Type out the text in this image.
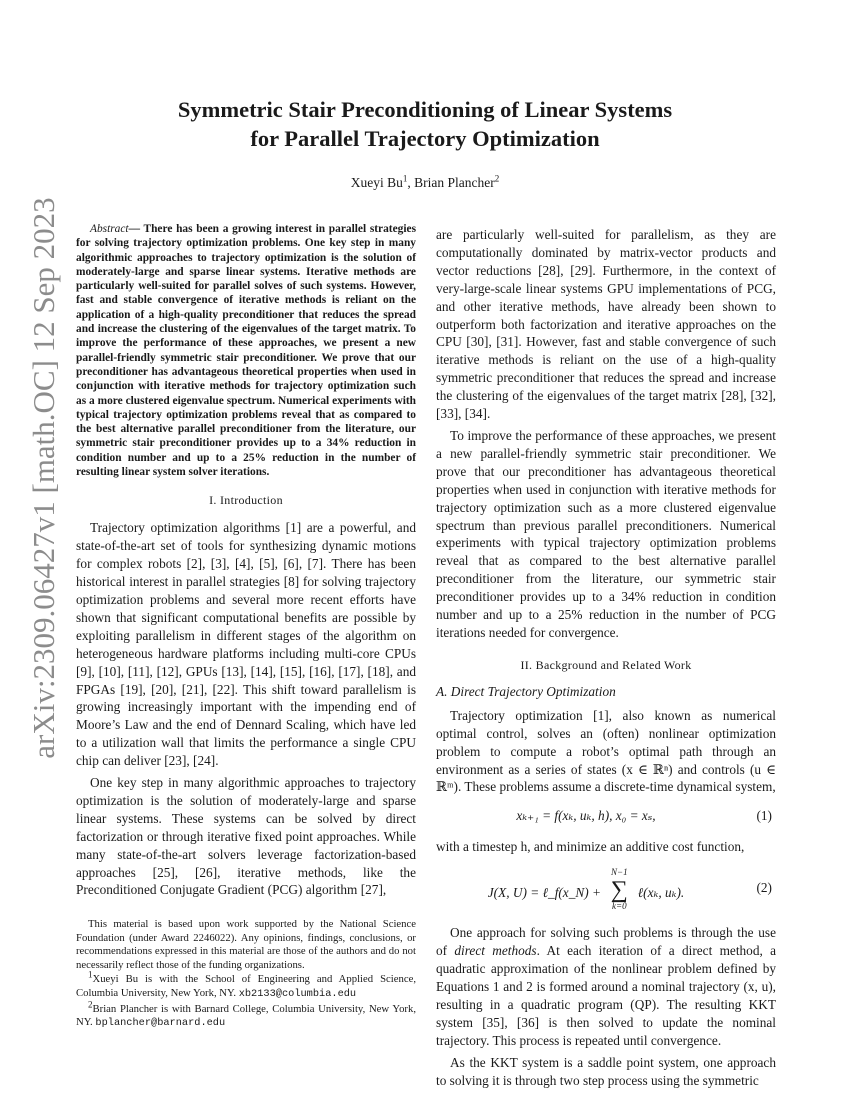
arXiv:2309.06427v1 [math.OC] 12 Sep 2023
Symmetric Stair Preconditioning of Linear Systems
for Parallel Trajectory Optimization
Xueyi Bu$^1$, Brian Plancher$^2$

Abstract— There has been a growing interest in parallel strategies for solving trajectory optimization problems. One key step in many algorithmic approaches to trajectory optimization is the solution of moderately-large and sparse linear systems. Iterative methods are particularly well-suited for parallel solves of such systems. However, fast and stable convergence of iterative methods is reliant on the application of a high-quality preconditioner that reduces the spread and increase the clustering of the eigenvalues of the target matrix. To improve the performance of these approaches, we present a new parallel-friendly symmetric stair preconditioner. We prove that our preconditioner has advantageous theoretical properties when used in conjunction with iterative methods for trajectory optimization such as a more clustered eigenvalue spectrum. Numerical experiments with typical trajectory optimization problems reveal that as compared to the best alternative parallel preconditioner from the literature, our symmetric stair preconditioner provides up to a 34% reduction in condition number and up to a 25% reduction in the number of resulting linear system solver iterations.

I. Introduction

Trajectory optimization algorithms [1] are a powerful, and state-of-the-art set of tools for synthesizing dynamic motions for complex robots [2], [3], [4], [5], [6], [7]. There has been historical interest in parallel strategies [8] for solving trajectory optimization problems and several more recent efforts have shown that significant computational benefits are possible by exploiting parallelism in different stages of the algorithm on heterogeneous hardware platforms including multi-core CPUs [9], [10], [11], [12], GPUs [13], [14], [15], [16], [17], [18], and FPGAs [19], [20], [21], [22]. This shift toward parallelism is growing increasingly important with the impending end of Moore’s Law and the end of Dennard Scaling, which have led to a utilization wall that limits the performance a single CPU chip can deliver [23], [24].

One key step in many algorithmic approaches to trajectory optimization is the solution of moderately-large and sparse linear systems. These systems can be solved by direct factorization or through iterative fixed point approaches. While many state-of-the-art solvers leverage factorization-based approaches [25], [26], iterative methods, like the Preconditioned Conjugate Gradient (PCG) algorithm [27],

This material is based upon work supported by the National Science Foundation (under Award 2246022). Any opinions, findings, conclusions, or recommendations expressed in this material are those of the authors and do not necessarily reflect those of the funding organizations.

$^1$Xueyi Bu is with the School of Engineering and Applied Science, Columbia University, New York, NY. xb2133@columbia.edu

$^2$Brian Plancher is with Barnard College, Columbia University, New York, NY. bplancher@barnard.edu

are particularly well-suited for parallelism, as they are computationally dominated by matrix-vector products and vector reductions [28], [29]. Furthermore, in the context of very-large-scale linear systems GPU implementations of PCG, and other iterative methods, have already been shown to outperform both factorization and iterative approaches on the CPU [30], [31]. However, fast and stable convergence of such iterative methods is reliant on the use of a high-quality symmetric preconditioner that reduces the spread and increase the clustering of the eigenvalues of the target matrix [28], [32], [33], [34].

To improve the performance of these approaches, we present a new parallel-friendly symmetric stair preconditioner. We prove that our preconditioner has advantageous theoretical properties when used in conjunction with iterative methods for trajectory optimization such as a more clustered eigenvalue spectrum than previous parallel preconditioners. Numerical experiments with typical trajectory optimization problems reveal that as compared to the best alternative parallel preconditioner from the literature, our symmetric stair preconditioner provides up to a 34% reduction in condition number and up to a 25% reduction in the number of PCG iterations needed for convergence.

II. Background and Related Work
A. Direct Trajectory Optimization

Trajectory optimization [1], also known as numerical optimal control, solves an (often) nonlinear optimization problem to compute a robot’s optimal path through an environment as a series of states (x ∈ ℝⁿ) and controls (u ∈ ℝᵐ). These problems assume a discrete-time dynamical system,

xₖ₊₁ = f(xₖ, uₖ, h), x₀ = xₛ,	(1)

with a timestep h, and minimize an additive cost function,

J(X, U) = ℓ_f(x_N) +
N−1
∑
k=0
ℓ(xₖ, uₖ).	(2)

One approach for solving such problems is through the use of direct methods. At each iteration of a direct method, a quadratic approximation of the nonlinear problem defined by Equations 1 and 2 is formed around a nominal trajectory (x, u), resulting in a quadratic program (QP). The resulting KKT system [35], [36] is then solved to update the nominal trajectory. This process is repeated until convergence.

As the KKT system is a saddle point system, one approach to solving it is through two step process using the symmetric
